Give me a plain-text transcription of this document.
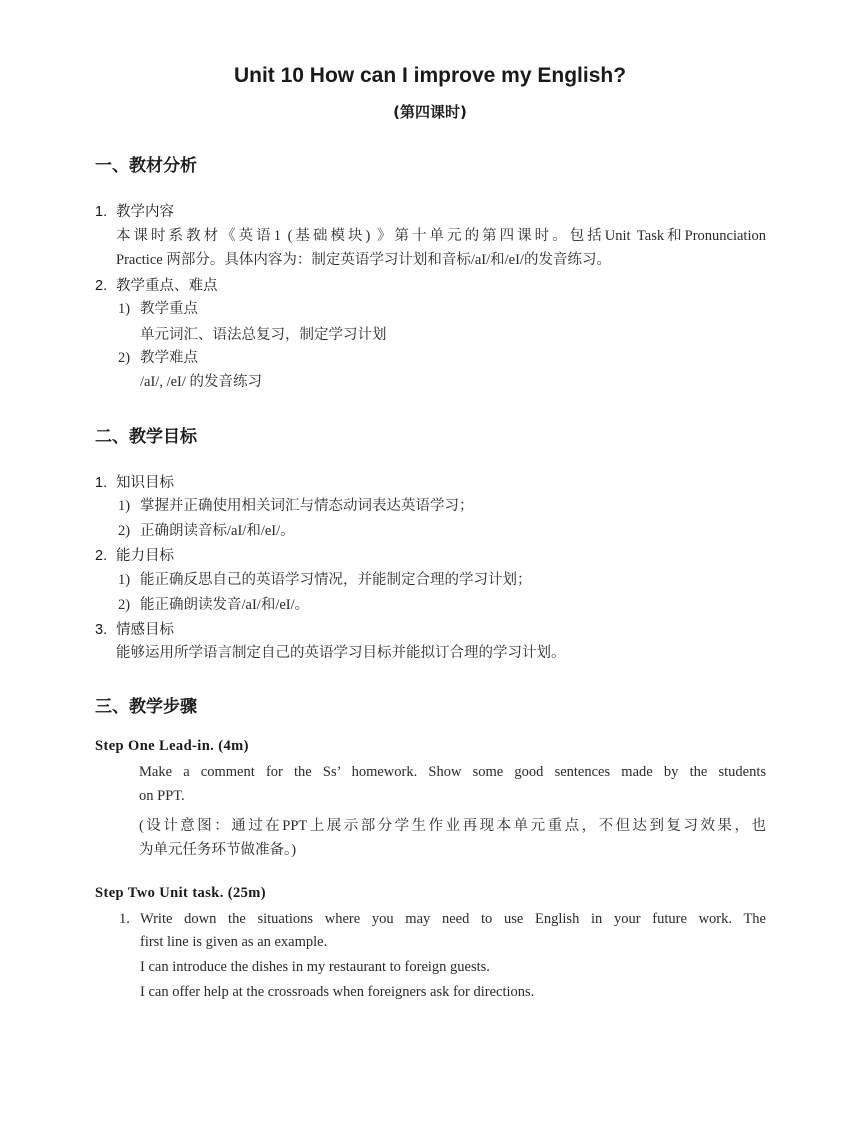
Unit 10 How can I improve my English?
(第四课时)
一、教材分析
1. 教学内容
本课时系教材《英语1 (基础模块) 》第十单元的第四课时。包括Unit Task和Pronunciation
Practice 两部分。具体内容为：制定英语学习计划和音标/aI/和/eI/的发音练习。
2. 教学重点、难点
1) 教学重点
单元词汇、语法总复习，制定学习计划
2) 教学难点
/aI/, /eI/ 的发音练习
二、教学目标
1. 知识目标
1) 掌握并正确使用相关词汇与情态动词表达英语学习；
2) 正确朗读音标/aI/和/eI/。
2. 能力目标
1) 能正确反思自己的英语学习情况，并能制定合理的学习计划；
2) 能正确朗读发音/aI/和/eI/。
3. 情感目标
能够运用所学语言制定自己的英语学习目标并能拟订合理的学习计划。
三、教学步骤
Step One Lead-in. (4m)
Make a comment for the Ss’ homework. Show some good sentences made by the students
on PPT.
(设计意图：通过在PPT上展示部分学生作业再现本单元重点，不但达到复习效果，也
为单元任务环节做准备。)
Step Two Unit task. (25m)
1. Write down the situations where you may need to use English in your future work. The
first line is given as an example.
I can introduce the dishes in my restaurant to foreign guests.
I can offer help at the crossroads when foreigners ask for directions.
